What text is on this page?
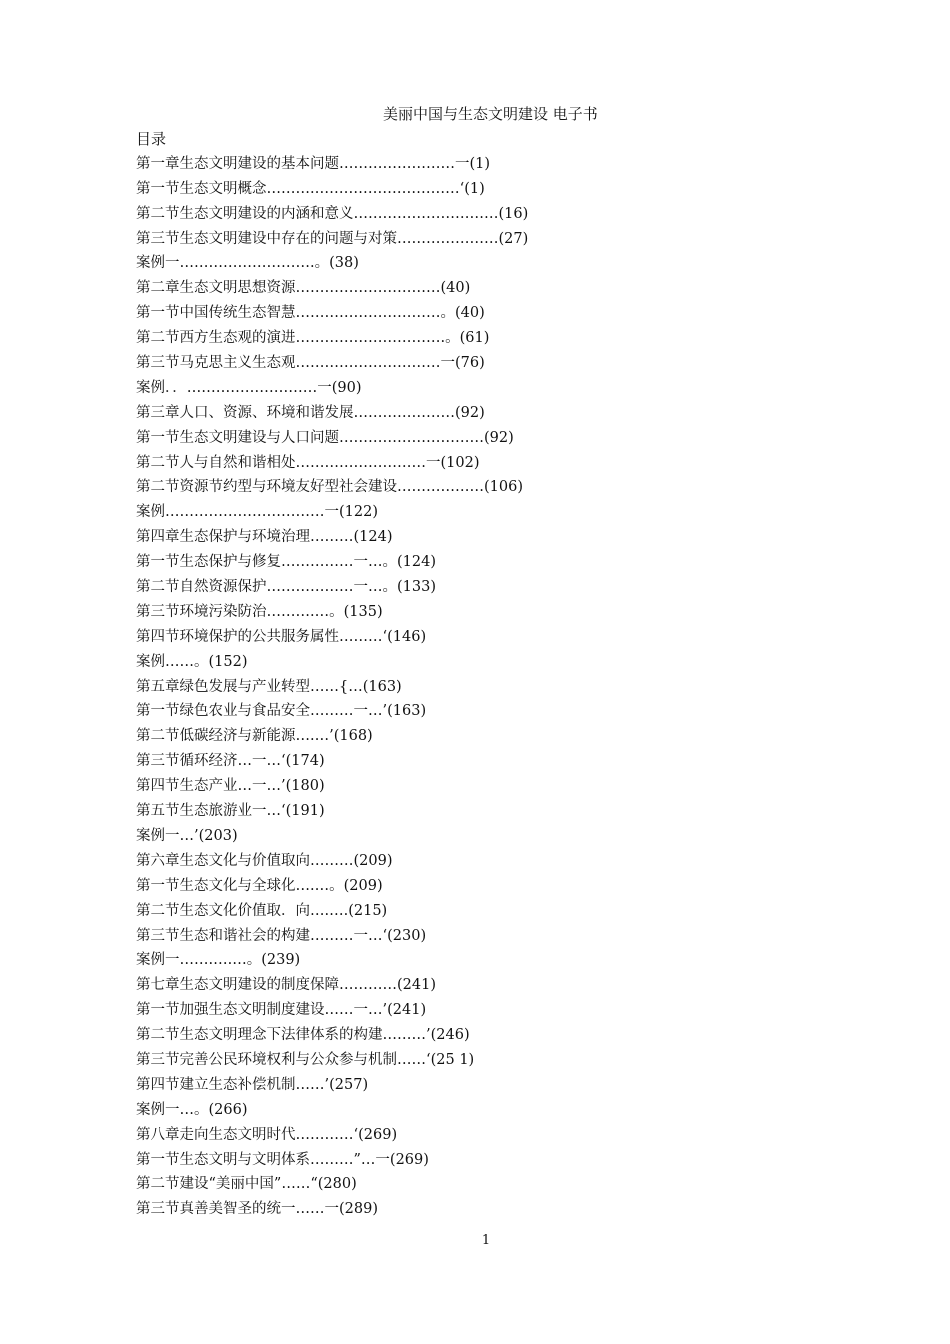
美丽中国与生态文明建设 电子书
目录
第一章生态文明建设的基本问题……………………一(1)
第一节生态文明概念……….…………………………‘(1)
第二节生态文明建设的内涵和意义…………………………(16)
第三节生态文明建设中存在的问题与对策…………………(27)
案例一……………………….。(38)
第二章生态文明思想资源…………………………(40)
第一节中国传统生态智慧…………………………。(40)
第二节西方生态观的演进………………………….。(61)
第三节马克思主义生态观…………………………一(76)
案例．．………………………一(90)
第三章人口、资源、环境和谐发展…………………(92)
第一节生态文明建设与人口问题…………………………(92)
第二节人与自然和谐相处………………………一(102)
第二节资源节约型与环境友好型社会建设………………(106)
案例……………………………一(122)
第四章生态保护与环境治理………(124)
第一节生态保护与修复……………一…。(124)
第二节自然资源保护………………一…。(133)
第三节环境污染防治……….…。(135)
第四节环境保护的公共服务属性………‘(146)
案例……。(152)
第五章绿色发展与产业转型……{…(163)
第一节绿色农业与食品安全………一…’(163)
第二节低碳经济与新能源….…’(168)
第三节循环经济…一…‘(174)
第四节生态产业…一…’(180)
第五节生态旅游业一…‘(191)
案例一…’(203)
第六章生态文化与价值取向………(209)
第一节生态文化与全球化….…。(209)
第二节生态文化价值取．向….….(215)
第三节生态和谐社会的构建………一…‘(230)
案例一…….….…。(239)
第七章生态文明建设的制度保障…………(241)
第一节加强生态文明制度建设……一…’(241)
第二节生态文明理念下法律体系的构建………’(246)
第三节完善公民环境权利与公众参与机制……‘(25 1)
第四节建立生态补偿机制……’(257)
案例一…。(266)
第八章走向生态文明时代…………‘(269)
第一节生态文明与文明体系………”…一(269)
第二节建设“美丽中国”……“(280)
第三节真善美智圣的统一……一(289)
1
